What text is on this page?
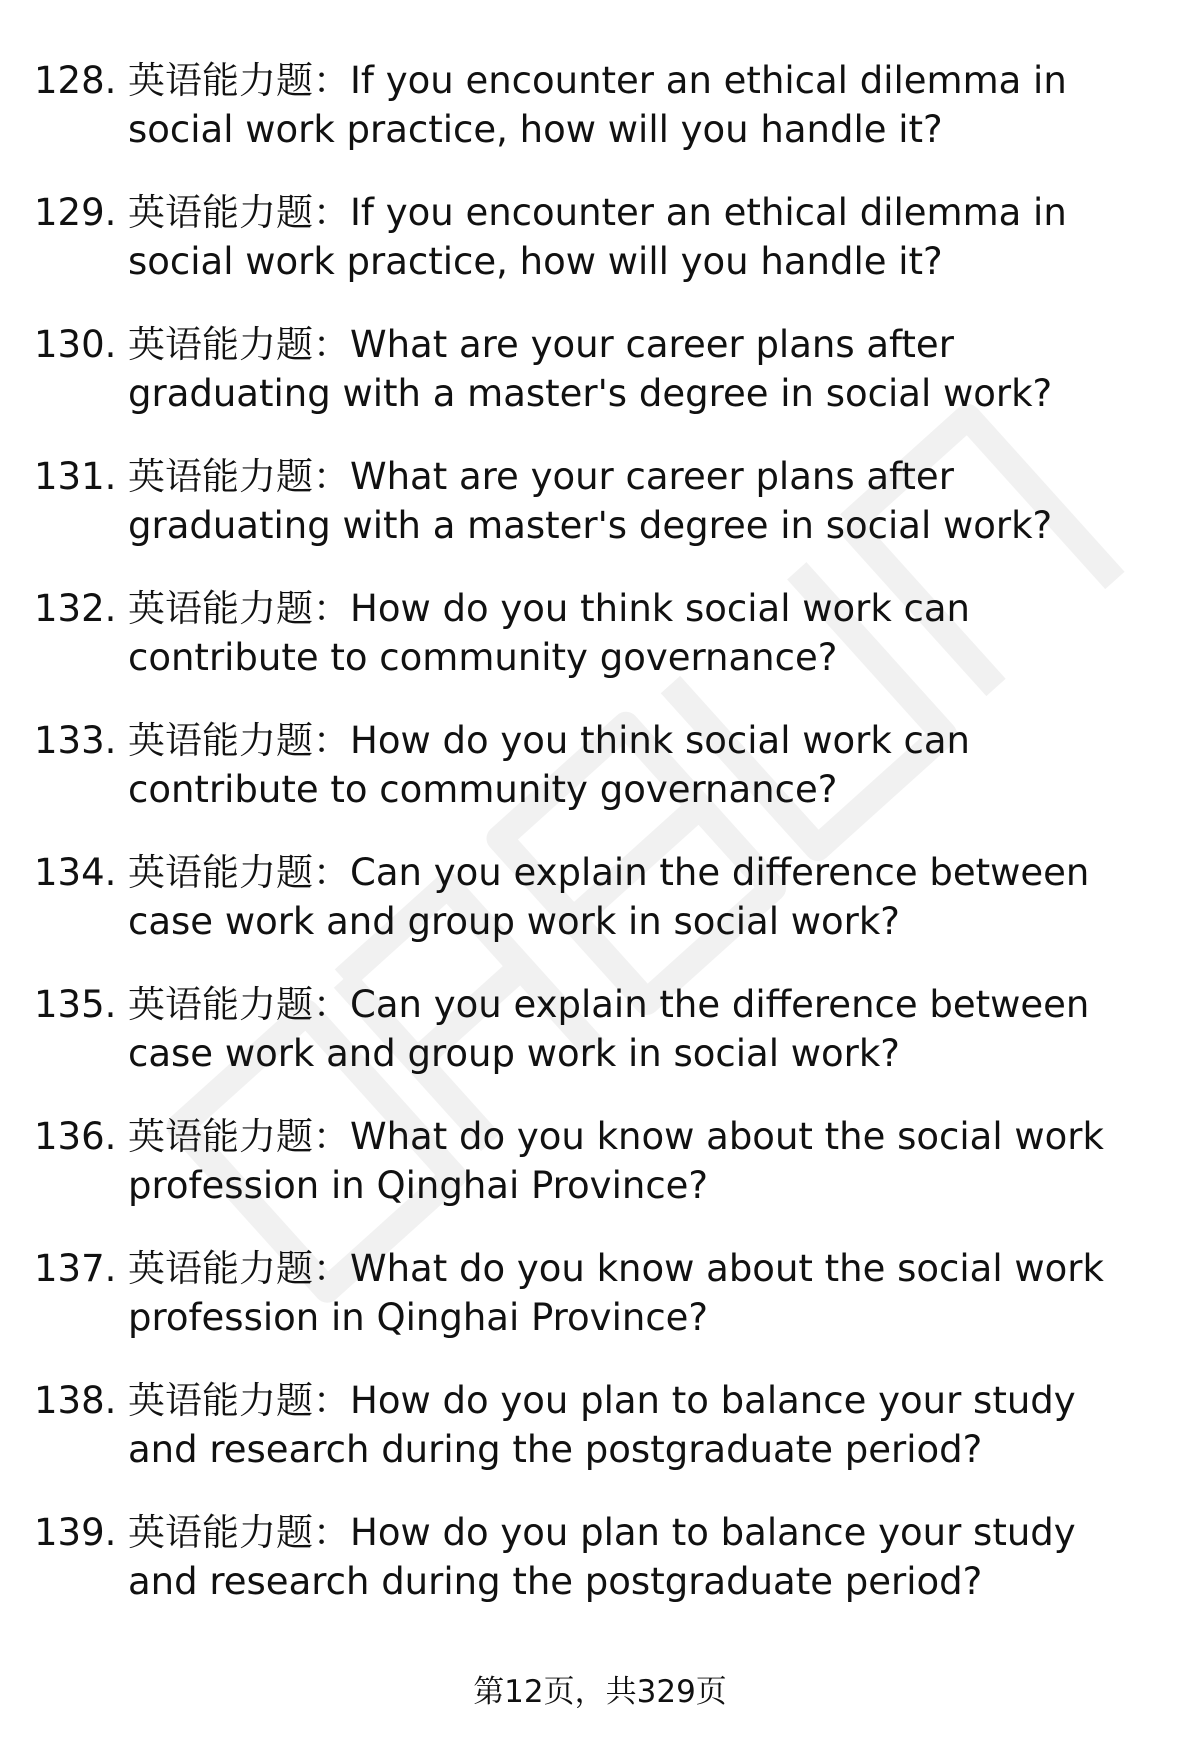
128. 英语能力题：If you encounter an ethical dilemma in social work practice, how will you handle it?
129. 英语能力题：If you encounter an ethical dilemma in social work practice, how will you handle it?
130. 英语能力题：What are your career plans after graduating with a master's degree in social work?
131. 英语能力题：What are your career plans after graduating with a master's degree in social work?
132. 英语能力题：How do you think social work can contribute to community governance?
133. 英语能力题：How do you think social work can contribute to community governance?
134. 英语能力题：Can you explain the difference between case work and group work in social work?
135. 英语能力题：Can you explain the difference between case work and group work in social work?
136. 英语能力题：What do you know about the social work profession in Qinghai Province?
137. 英语能力题：What do you know about the social work profession in Qinghai Province?
138. 英语能力题：How do you plan to balance your study and research during the postgraduate period?
139. 英语能力题：How do you plan to balance your study and research during the postgraduate period?
第12页，共329页
